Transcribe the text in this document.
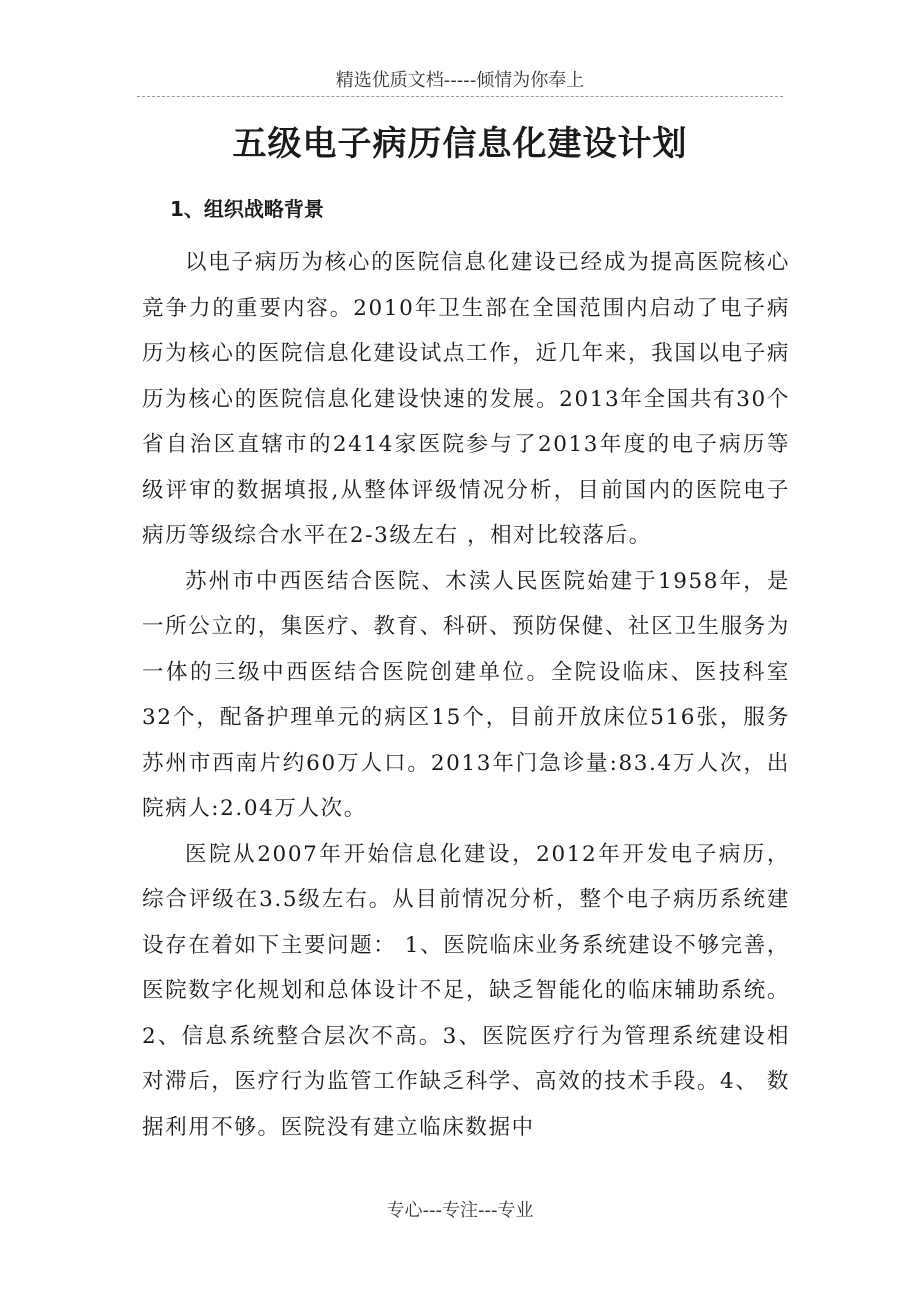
精选优质文档-----倾情为你奉上
五级电子病历信息化建设计划
1、组织战略背景

以电子病历为核心的医院信息化建设已经成为提高医院核心竞争力的重要内容。2010年卫生部在全国范围内启动了电子病历为核心的医院信息化建设试点工作，近几年来，我国以电子病历为核心的医院信息化建设快速的发展。2013年全国共有30个省自治区直辖市的2414家医院参与了2013年度的电子病历等级评审的数据填报,从整体评级情况分析，目前国内的医院电子病历等级综合水平在2-3级左右 ，相对比较落后。

苏州市中西医结合医院、木渎人民医院始建于1958年，是一所公立的，集医疗、教育、科研、预防保健、社区卫生服务为一体的三级中西医结合医院创建单位。全院设临床、医技科室32个，配备护理单元的病区15个，目前开放床位516张，服务苏州市西南片约60万人口。2013年门急诊量:83.4万人次，出院病人:2.04万人次。

医院从2007年开始信息化建设，2012年开发电子病历，综合评级在3.5级左右。从目前情况分析，整个电子病历系统建设存在着如下主要问题： 1、医院临床业务系统建设不够完善，医院数字化规划和总体设计不足，缺乏智能化的临床辅助系统。2、信息系统整合层次不高。3、医院医疗行为管理系统建设相对滞后，医疗行为监管工作缺乏科学、高效的技术手段。4、 数据利用不够。医院没有建立临床数据中

专心---专注---专业
